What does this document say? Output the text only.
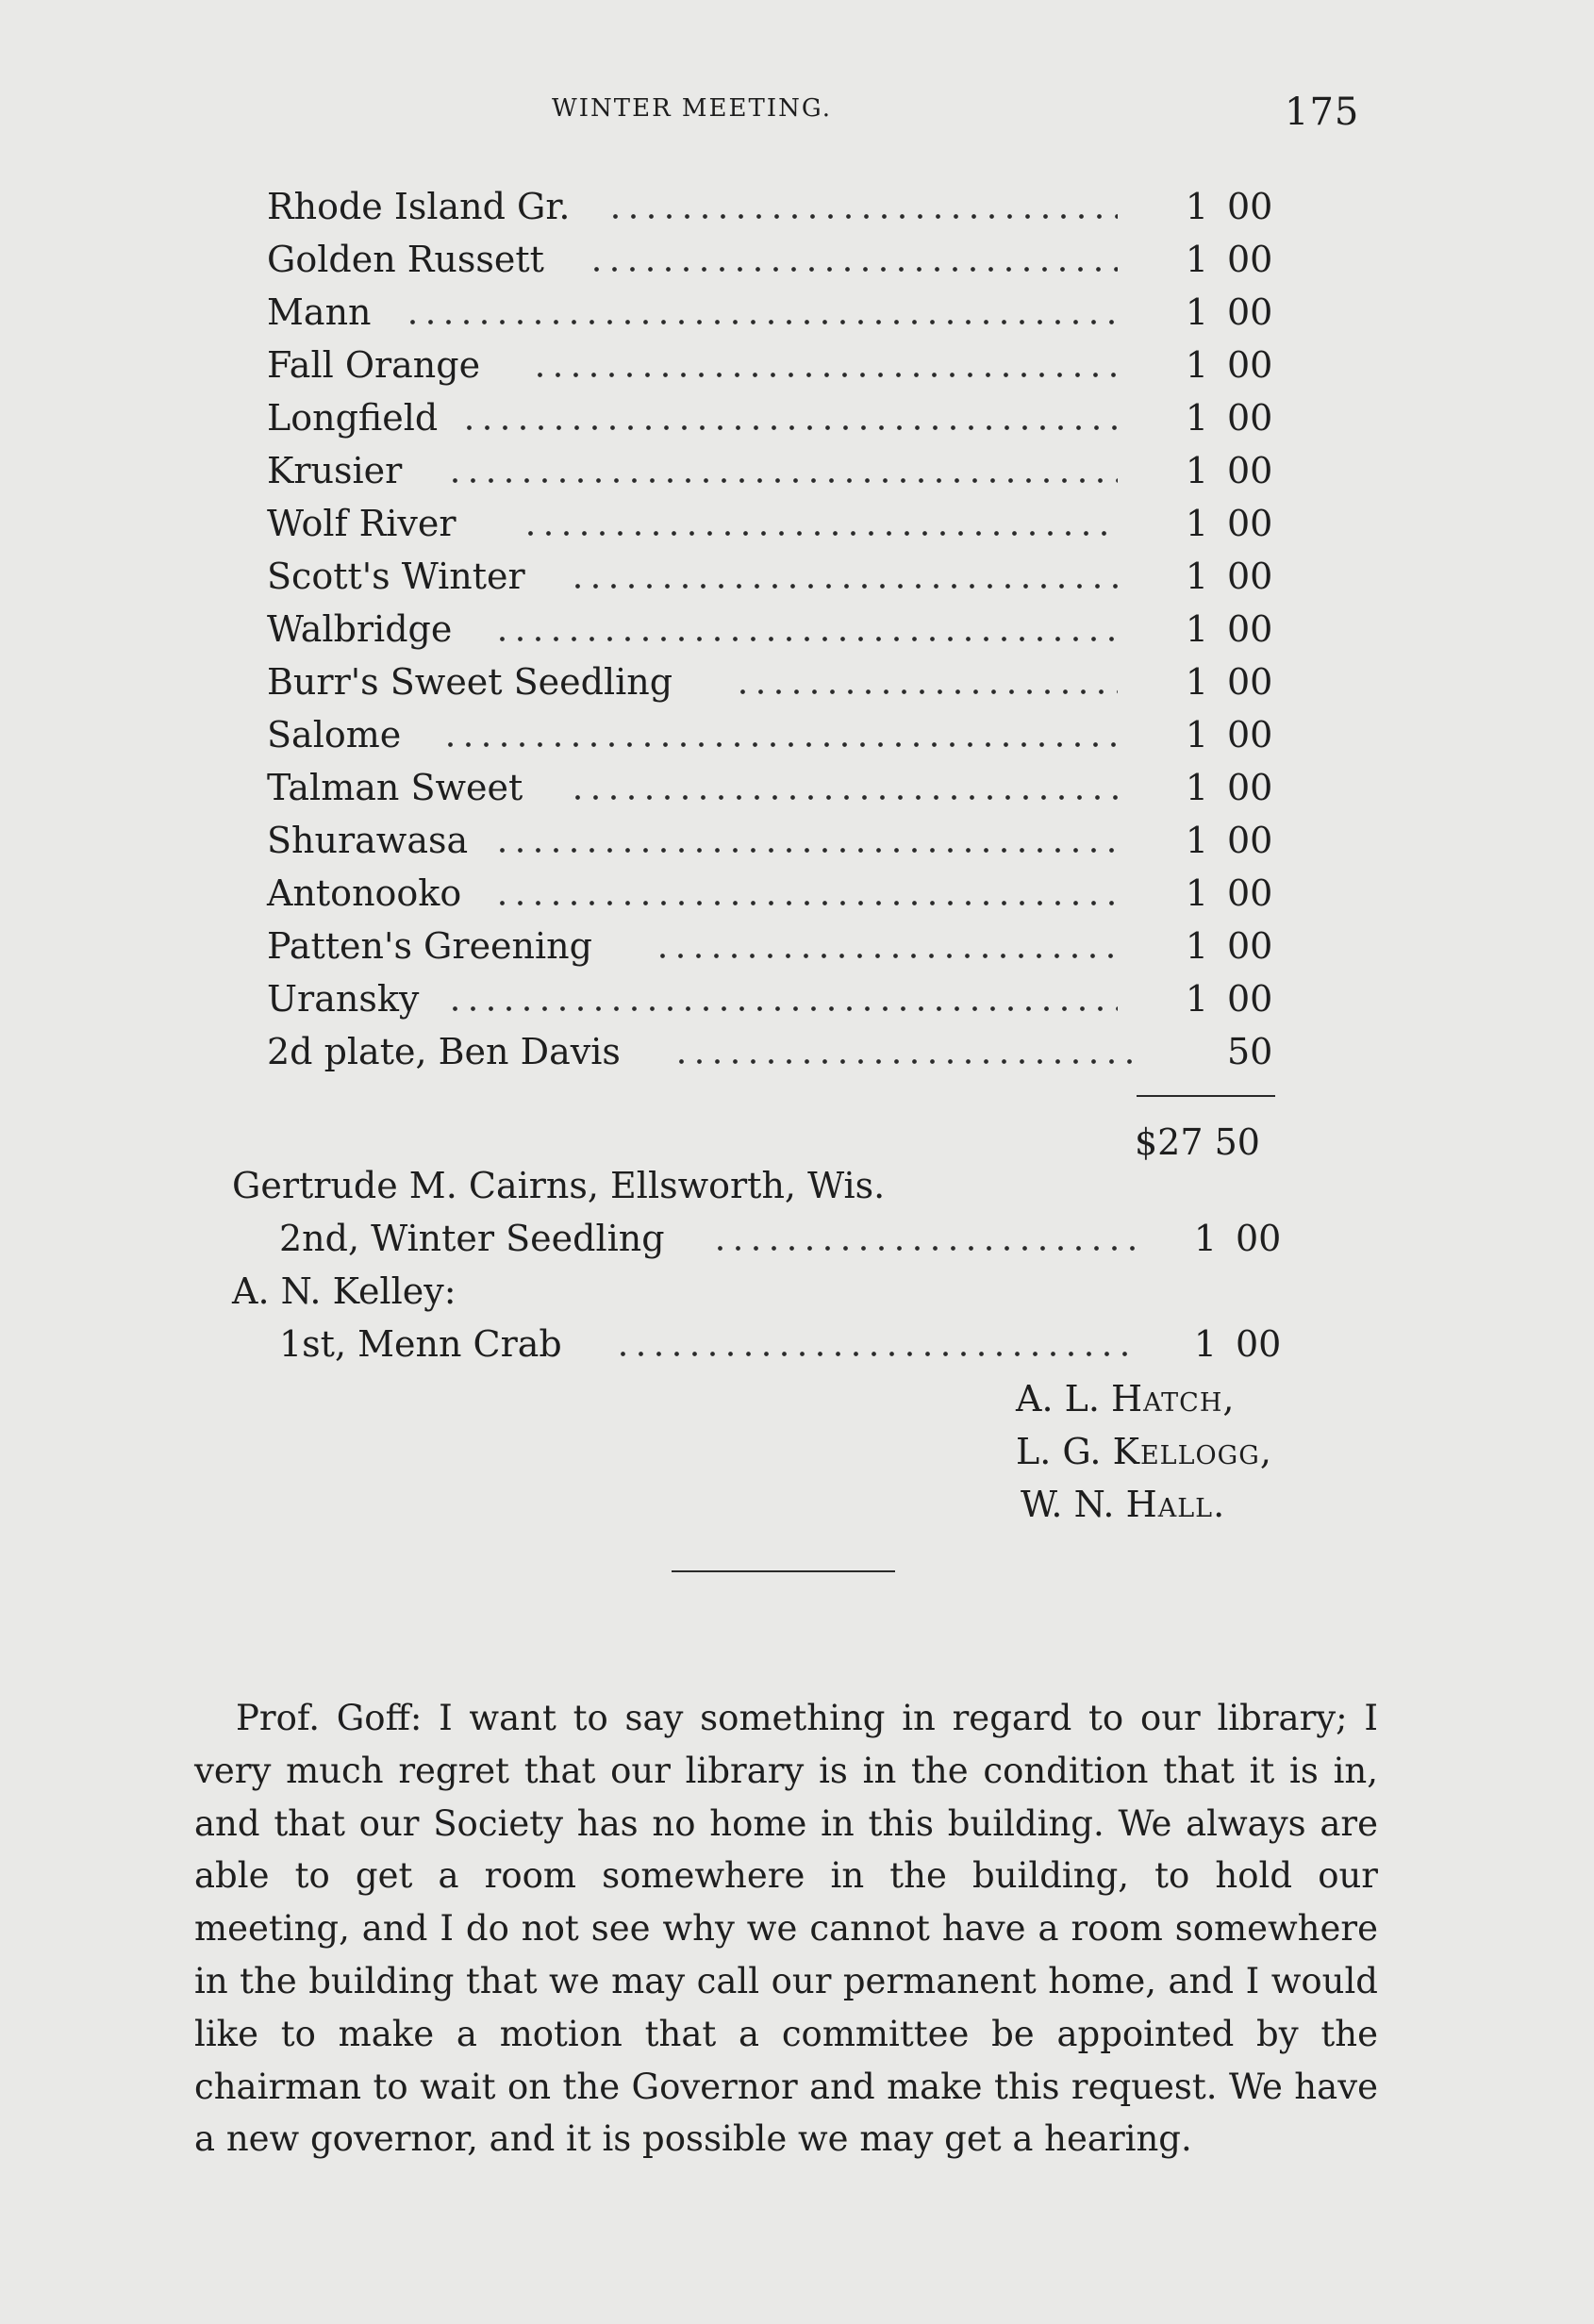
WINTER MEETING.	175
Rhode Island Gr.	1 00
Golden Russett	1 00
Mann	1 00
Fall Orange	1 00
Longfield	1 00
Krusier	1 00
Wolf River	1 00
Scott's Winter	1 00
Walbridge	1 00
Burr's Sweet Seedling	1 00
Salome	1 00
Talman Sweet	1 00
Shurawasa	1 00
Antonooko	1 00
Patten's Greening	1 00
Uransky	1 00
2d plate, Ben Davis	50
$27 50
Gertrude M. Cairns, Ellsworth, Wis.
2nd, Winter Seedling	1 00
A. N. Kelley:
1st, Menn Crab	1 00
A. L. Hatch,
L. G. Kellogg,
W. N. Hall.

Prof. Goff: I want to say something in regard to our library; I very much regret that our library is in the condition that it is in, and that our Society has no home in this building. We always are able to get a room somewhere in the building, to hold our meeting, and I do not see why we cannot have a room somewhere in the building that we may call our permanent home, and I would like to make a motion that a committee be appointed by the chairman to wait on the Governor and make this request. We have a new governor, and it is possible we may get a hearing.
